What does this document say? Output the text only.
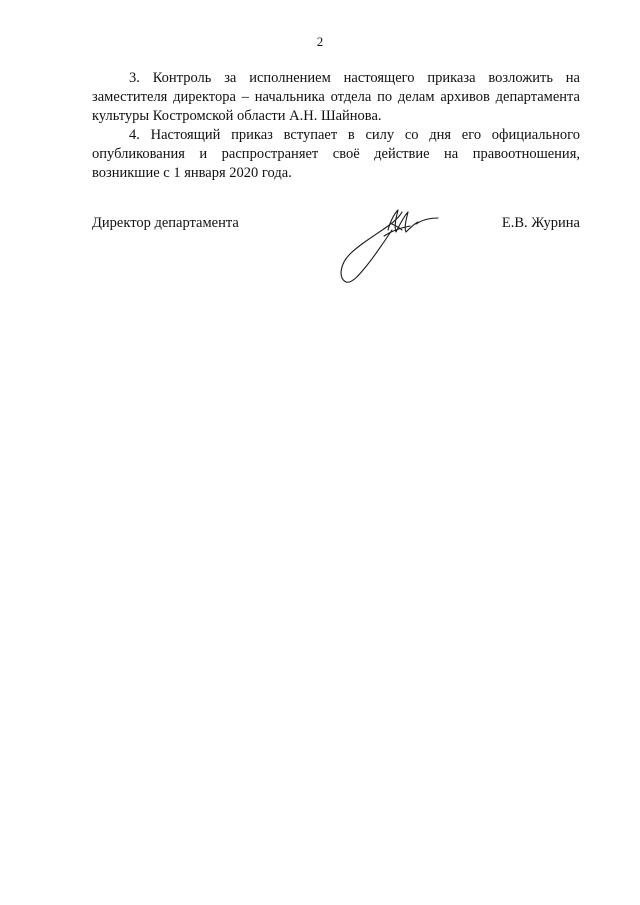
2

3. Контроль за исполнением настоящего приказа возложить на заместителя директора – начальника отдела по делам архивов департамента культуры Костромской области А.Н. Шайнова.

4. Настоящий приказ вступает в силу со дня его официального опубликования и распространяет своё действие на правоотношения, возникшие с 1 января 2020 года.

Директор департамента	Е.В. Журина
